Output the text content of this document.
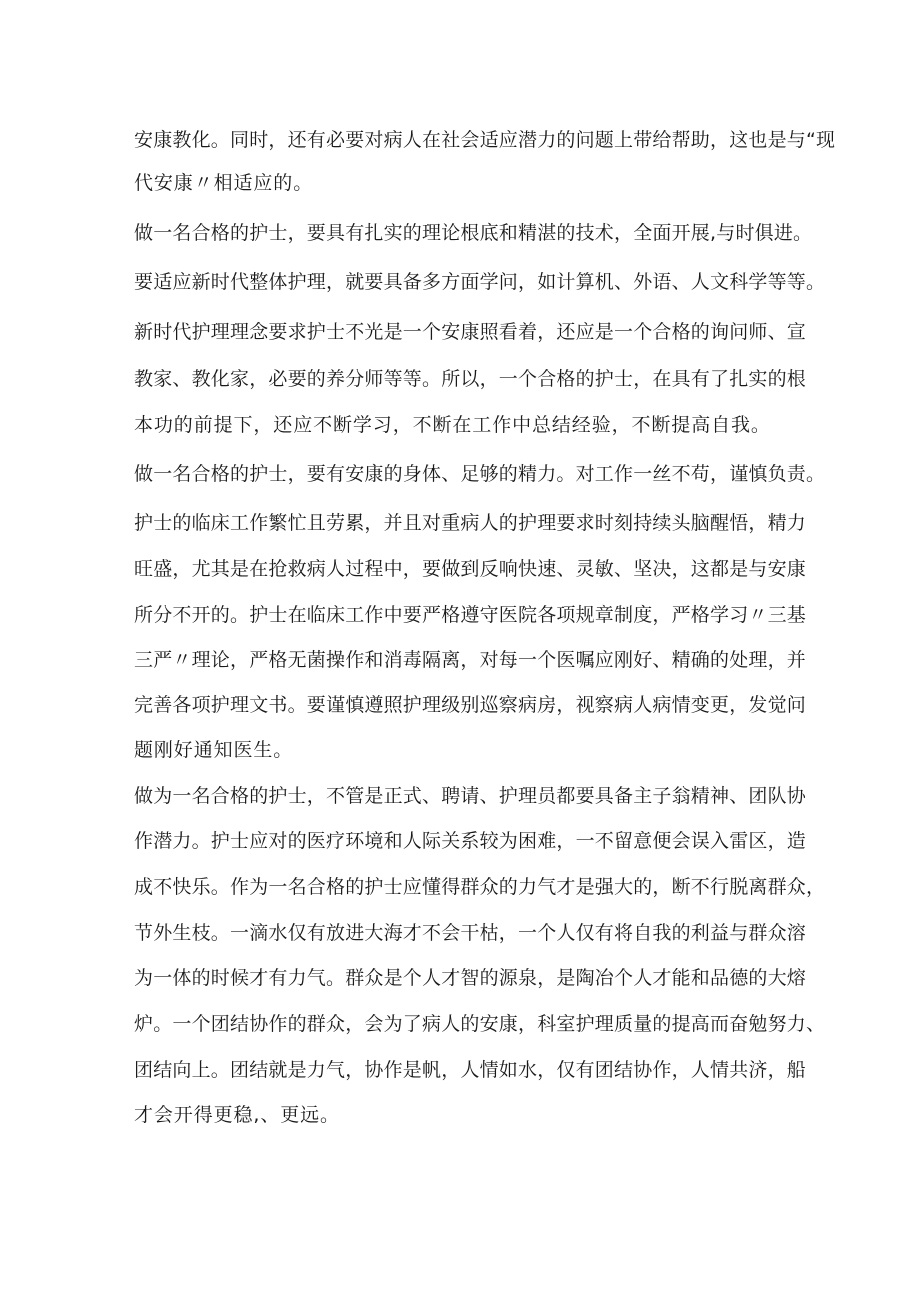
安康教化。同时，还有必要对病人在社会适应潜力的问题上带给帮助，这也是与“现

代安康〃相适应的。

做一名合格的护士，要具有扎实的理论根底和精湛的技术，全面开展,与时俱进。

要适应新时代整体护理，就要具备多方面学问，如计算机、外语、人文科学等等。

新时代护理理念要求护士不光是一个安康照看着，还应是一个合格的询问师、宣

教家、教化家，必要的养分师等等。所以，一个合格的护士，在具有了扎实的根

本功的前提下，还应不断学习，不断在工作中总结经验，不断提高自我。

做一名合格的护士，要有安康的身体、足够的精力。对工作一丝不苟，谨慎负责。

护士的临床工作繁忙且劳累，并且对重病人的护理要求时刻持续头脑醒悟，精力

旺盛，尤其是在抢救病人过程中，要做到反响快速、灵敏、坚决，这都是与安康

所分不开的。护士在临床工作中要严格遵守医院各项规章制度，严格学习〃三基

三严〃理论，严格无菌操作和消毒隔离，对每一个医嘱应刚好、精确的处理，并

完善各项护理文书。要谨慎遵照护理级别巡察病房，视察病人病情变更，发觉问

题刚好通知医生。

做为一名合格的护士，不管是正式、聘请、护理员都要具备主子翁精神、团队协

作潜力。护士应对的医疗环境和人际关系较为困难，一不留意便会误入雷区，造

成不快乐。作为一名合格的护士应懂得群众的力气才是强大的，断不行脱离群众，

节外生枝。一滴水仅有放进大海才不会干枯，一个人仅有将自我的利益与群众溶

为一体的时候才有力气。群众是个人才智的源泉，是陶冶个人才能和品德的大熔

炉。一个团结协作的群众，会为了病人的安康，科室护理质量的提高而奋勉努力、

团结向上。团结就是力气，协作是帆，人情如水，仅有团结协作，人情共济，船

才会开得更稳,、更远。
